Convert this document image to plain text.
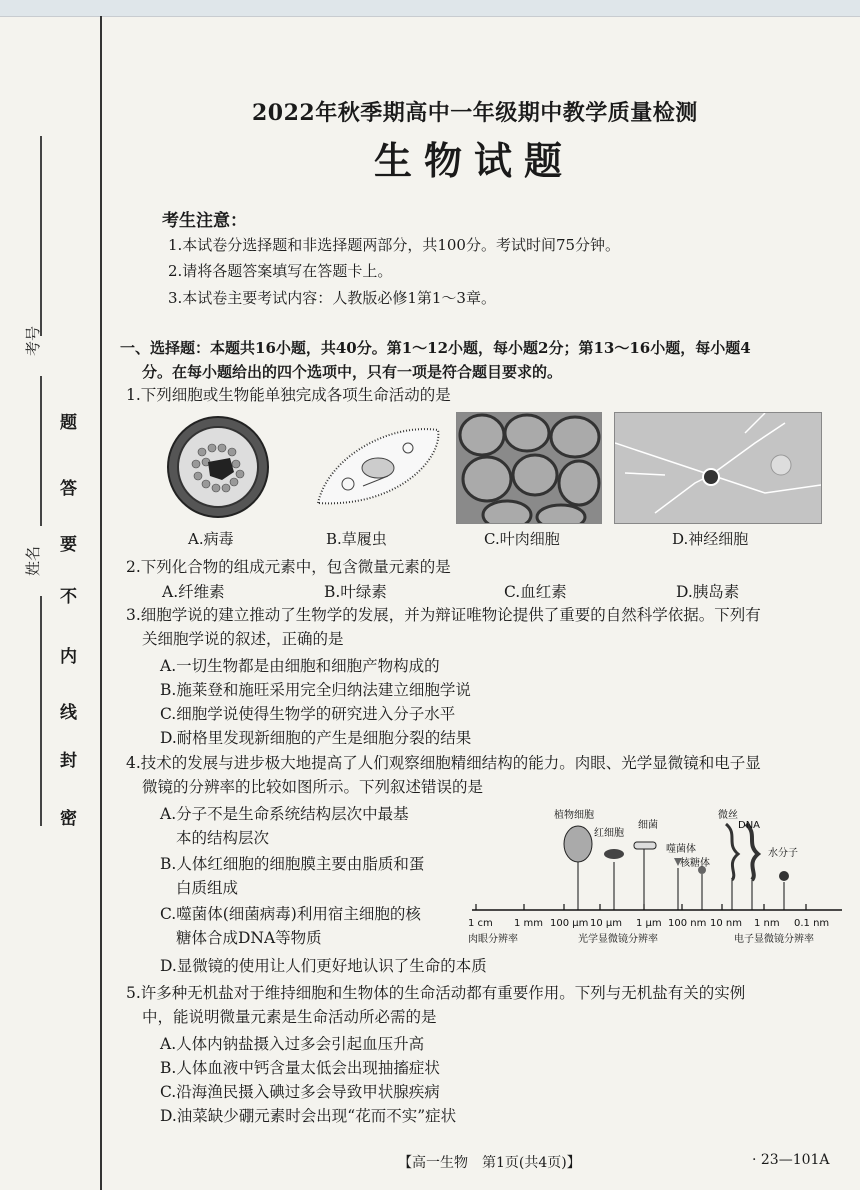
考号
姓名
题
答
要
不
内
线
封
密
2022年秋季期高中一年级期中教学质量检测
生物试题
考生注意：
1.本试卷分选择题和非选择题两部分，共100分。考试时间75分钟。
2.请将各题答案填写在答题卡上。
3.本试卷主要考试内容：人教版必修1第1～3章。
一、选择题：本题共16小题，共40分。第1～12小题，每小题2分；第13～16小题，每小题4
分。在每小题给出的四个选项中，只有一项是符合题目要求的。
1.下列细胞或生物能单独完成各项生命活动的是
A.病毒	B.草履虫	C.叶肉细胞	D.神经细胞
2.下列化合物的组成元素中，包含微量元素的是
A.纤维素	B.叶绿素	C.血红素	D.胰岛素
3.细胞学说的建立推动了生物学的发展，并为辩证唯物论提供了重要的自然科学依据。下列有
关细胞学说的叙述，正确的是
A.一切生物都是由细胞和细胞产物构成的
B.施莱登和施旺采用完全归纳法建立细胞学说
C.细胞学说使得生物学的研究进入分子水平
D.耐格里发现新细胞的产生是细胞分裂的结果
4.技术的发展与进步极大地提高了人们观察细胞精细结构的能力。肉眼、光学显微镜和电子显
微镜的分辨率的比较如图所示。下列叙述错误的是
A.分子不是生命系统结构层次中最基
本的结构层次
B.人体红细胞的细胞膜主要由脂质和蛋
白质组成
C.噬菌体(细菌病毒)利用宿主细胞的核
糖体合成DNA等物质
D.显微镜的使用让人们更好地认识了生命的本质
植物细胞
红细胞
细菌
噬菌体
核糖体
微丝
DNA
水分子
1 cm 1 mm 100 μm 10 μm 1 μm 100 nm 10 nm 1 nm 0.1 nm
肉眼分辨率	光学显微镜分辨率	电子显微镜分辨率
5.许多种无机盐对于维持细胞和生物体的生命活动都有重要作用。下列与无机盐有关的实例
中，能说明微量元素是生命活动所必需的是
A.人体内钠盐摄入过多会引起血压升高
B.人体血液中钙含量太低会出现抽搐症状
C.沿海渔民摄入碘过多会导致甲状腺疾病
D.油菜缺少硼元素时会出现“花而不实”症状
【高一生物　第1页(共4页)】	· 23—101A
